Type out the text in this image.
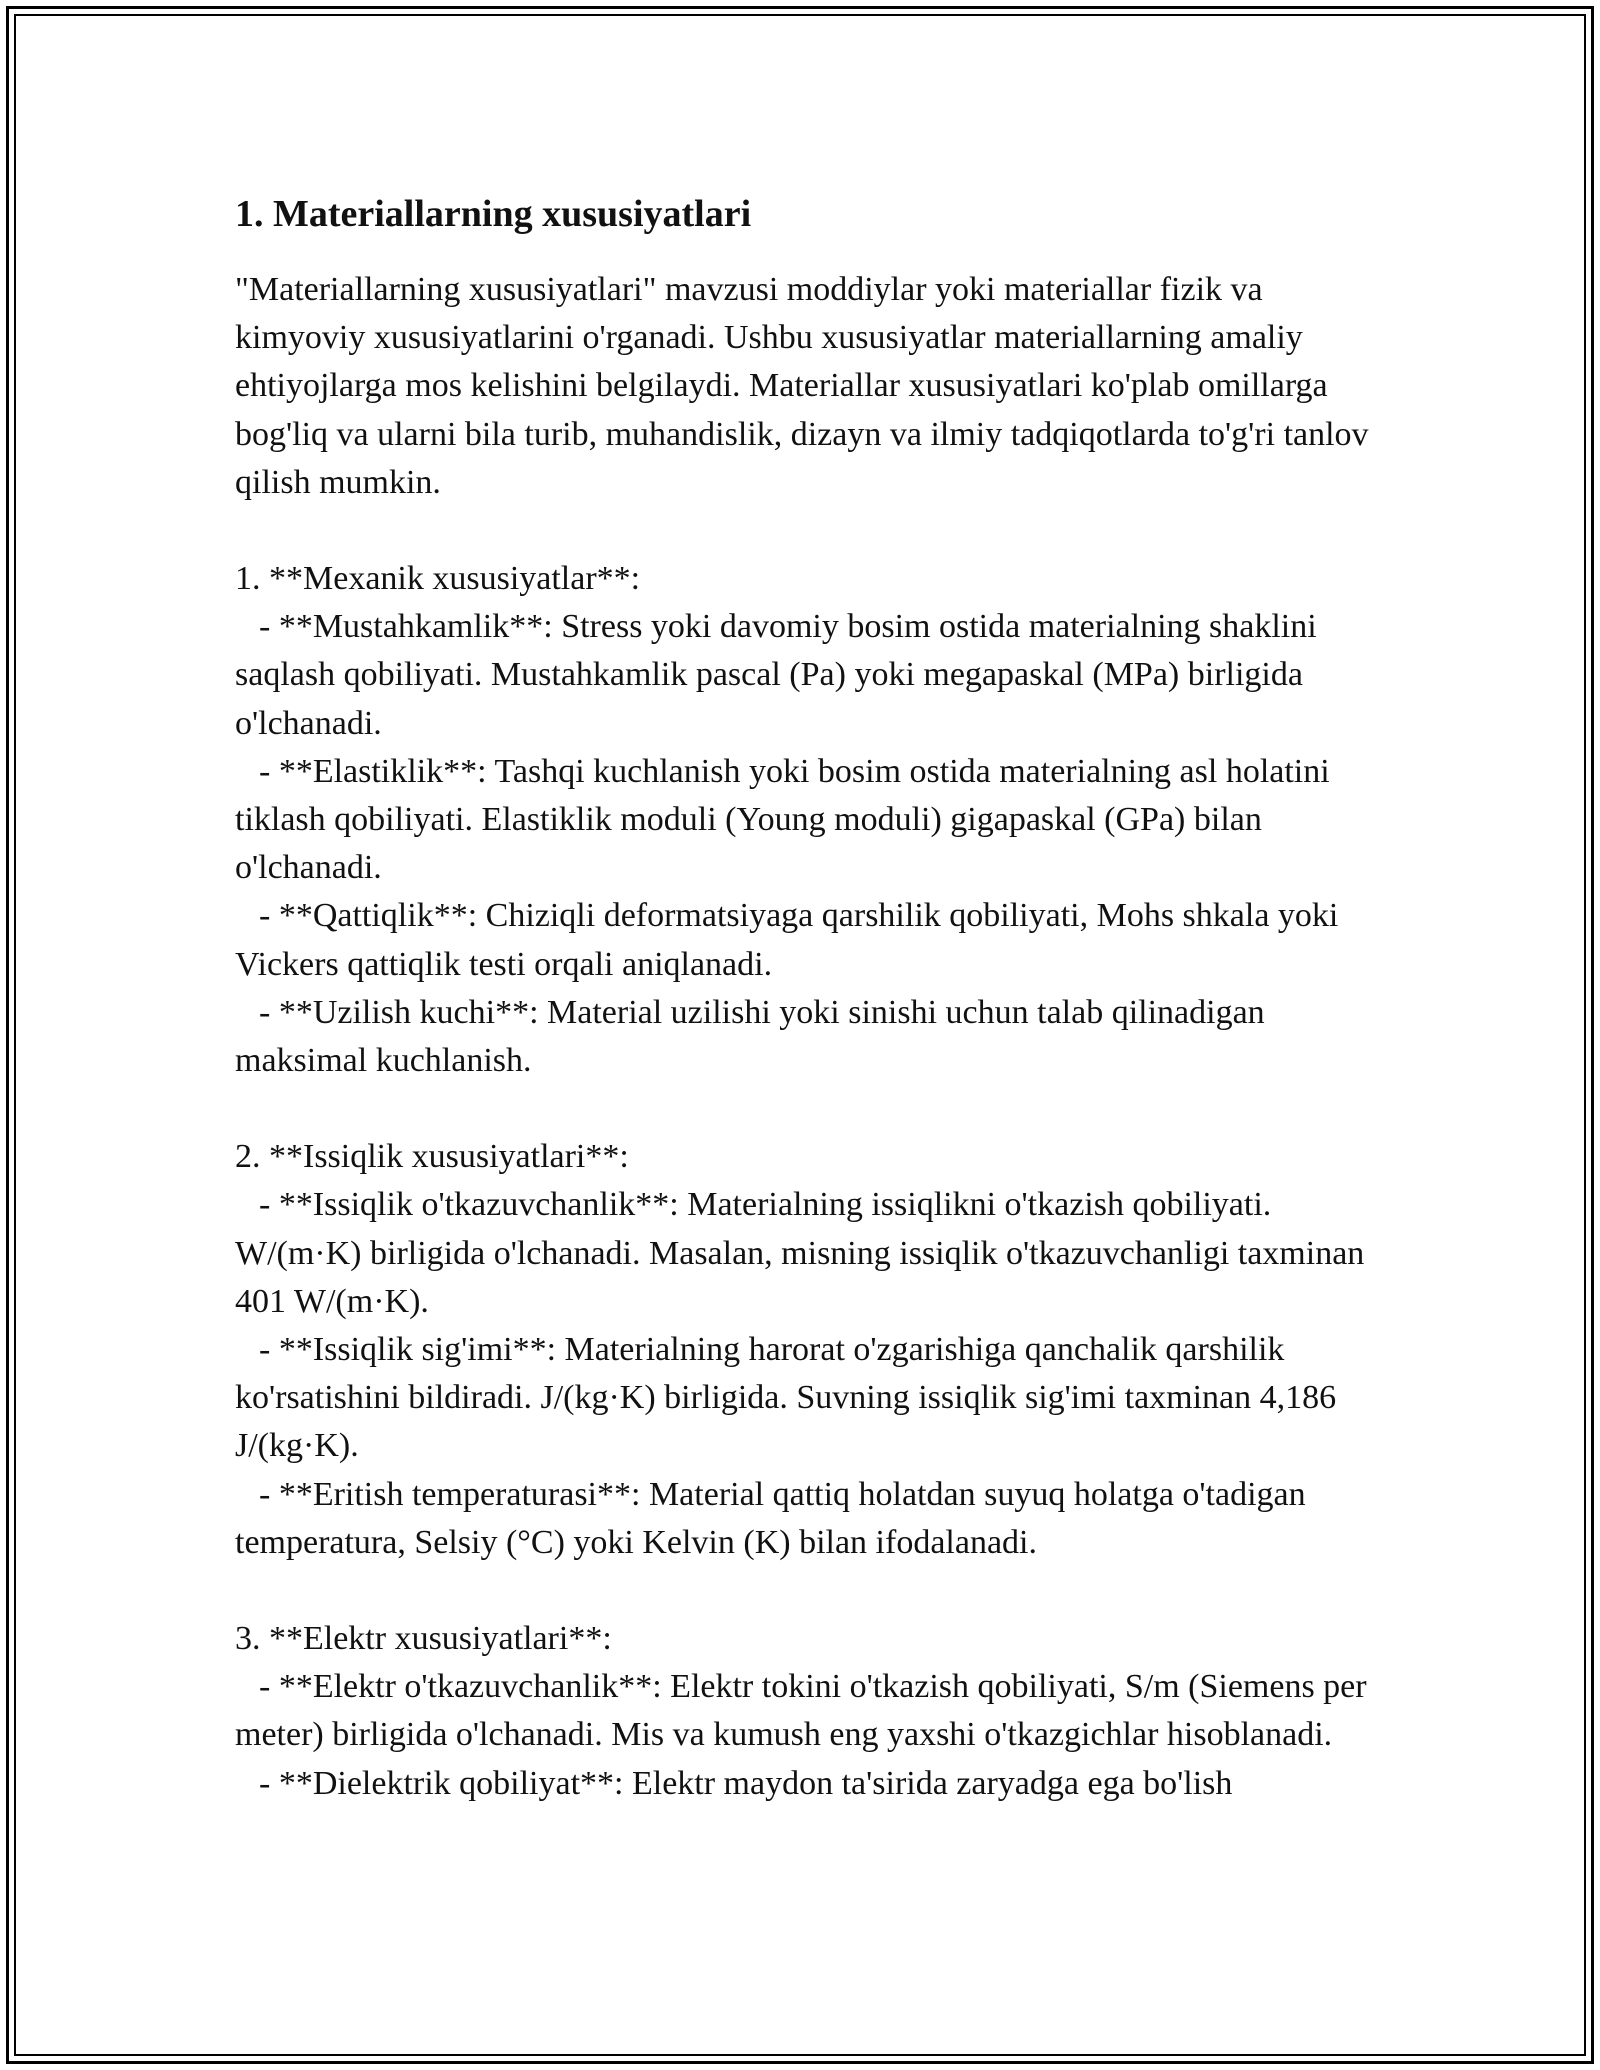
1. Materiallarning xususiyatlari

"Materiallarning xususiyatlari" mavzusi moddiylar yoki materiallar fizik va kimyoviy xususiyatlarini o'rganadi. Ushbu xususiyatlar materiallarning amaliy ehtiyojlarga mos kelishini belgilaydi. Materiallar xususiyatlari ko'plab omillarga bog'liq va ularni bila turib, muhandislik, dizayn va ilmiy tadqiqotlarda to'g'ri tanlov qilish mumkin.

1. **Mexanik xususiyatlar**:

- **Mustahkamlik**: Stress yoki davomiy bosim ostida materialning shaklini saqlash qobiliyati. Mustahkamlik pascal (Pa) yoki megapaskal (MPa) birligida o'lchanadi.

- **Elastiklik**: Tashqi kuchlanish yoki bosim ostida materialning asl holatini tiklash qobiliyati. Elastiklik moduli (Young moduli) gigapaskal (GPa) bilan o'lchanadi.

- **Qattiqlik**: Chiziqli deformatsiyaga qarshilik qobiliyati, Mohs shkala yoki Vickers qattiqlik testi orqali aniqlanadi.

- **Uzilish kuchi**: Material uzilishi yoki sinishi uchun talab qilinadigan maksimal kuchlanish.

2. **Issiqlik xususiyatlari**:

- **Issiqlik o'tkazuvchanlik**: Materialning issiqlikni o'tkazish qobiliyati. W/(m·K) birligida o'lchanadi. Masalan, misning issiqlik o'tkazuvchanligi taxminan 401 W/(m·K).

- **Issiqlik sig'imi**: Materialning harorat o'zgarishiga qanchalik qarshilik ko'rsatishini bildiradi. J/(kg·K) birligida. Suvning issiqlik sig'imi taxminan 4,186 J/(kg·K).

- **Eritish temperaturasi**: Material qattiq holatdan suyuq holatga o'tadigan temperatura, Selsiy (°C) yoki Kelvin (K) bilan ifodalanadi.

3. **Elektr xususiyatlari**:

- **Elektr o'tkazuvchanlik**: Elektr tokini o'tkazish qobiliyati, S/m (Siemens per meter) birligida o'lchanadi. Mis va kumush eng yaxshi o'tkazgichlar hisoblanadi.

- **Dielektrik qobiliyat**: Elektr maydon ta'sirida zaryadga ega bo'lish
